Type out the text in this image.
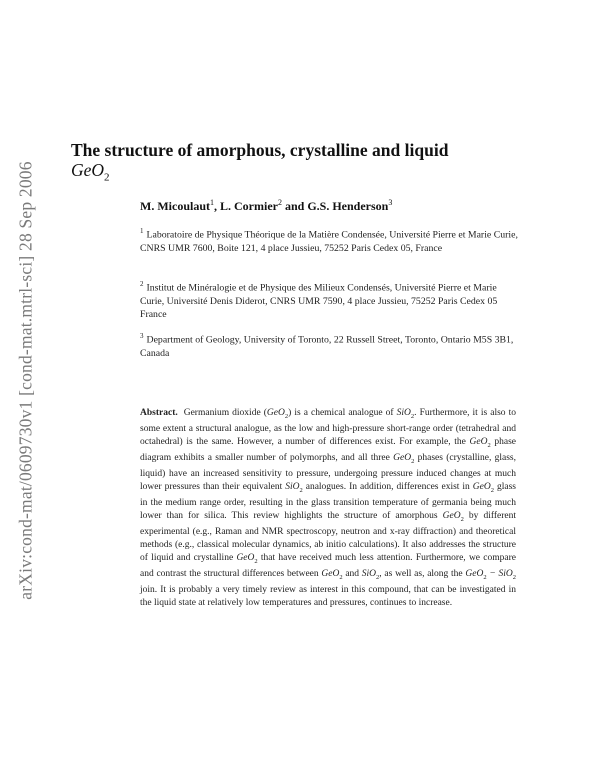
arXiv:cond-mat/0609730v1 [cond-mat.mtrl-sci] 28 Sep 2006
The structure of amorphous, crystalline and liquid
GeO$_2$
M. Micoulaut$^1$, L. Cormier$^2$ and G.S. Henderson$^3$
$^1$ Laboratoire de Physique Théorique de la Matière Condensée, Université Pierre et Marie Curie, CNRS UMR 7600, Boite 121, 4 place Jussieu, 75252 Paris Cedex 05, France
$^2$ Institut de Minéralogie et de Physique des Milieux Condensés, Université Pierre et Marie Curie, Université Denis Diderot, CNRS UMR 7590, 4 place Jussieu, 75252 Paris Cedex 05 France
$^3$ Department of Geology, University of Toronto, 22 Russell Street, Toronto, Ontario M5S 3B1, Canada
Abstract. Germanium dioxide (GeO$_2$) is a chemical analogue of SiO$_2$. Furthermore, it is also to some extent a structural analogue, as the low and high-pressure short-range order (tetrahedral and octahedral) is the same. However, a number of differences exist. For example, the GeO$_2$ phase diagram exhibits a smaller number of polymorphs, and all three GeO$_2$ phases (crystalline, glass, liquid) have an increased sensitivity to pressure, undergoing pressure induced changes at much lower pressures than their equivalent SiO$_2$ analogues. In addition, differences exist in GeO$_2$ glass in the medium range order, resulting in the glass transition temperature of germania being much lower than for silica. This review highlights the structure of amorphous GeO$_2$ by different experimental (e.g., Raman and NMR spectroscopy, neutron and x-ray diffraction) and theoretical methods (e.g., classical molecular dynamics, ab initio calculations). It also addresses the structure of liquid and crystalline GeO$_2$ that have received much less attention. Furthermore, we compare and contrast the structural differences between GeO$_2$ and SiO$_2$, as well as, along the GeO$_2$ − SiO$_2$ join. It is probably a very timely review as interest in this compound, that can be investigated in the liquid state at relatively low temperatures and pressures, continues to increase.
